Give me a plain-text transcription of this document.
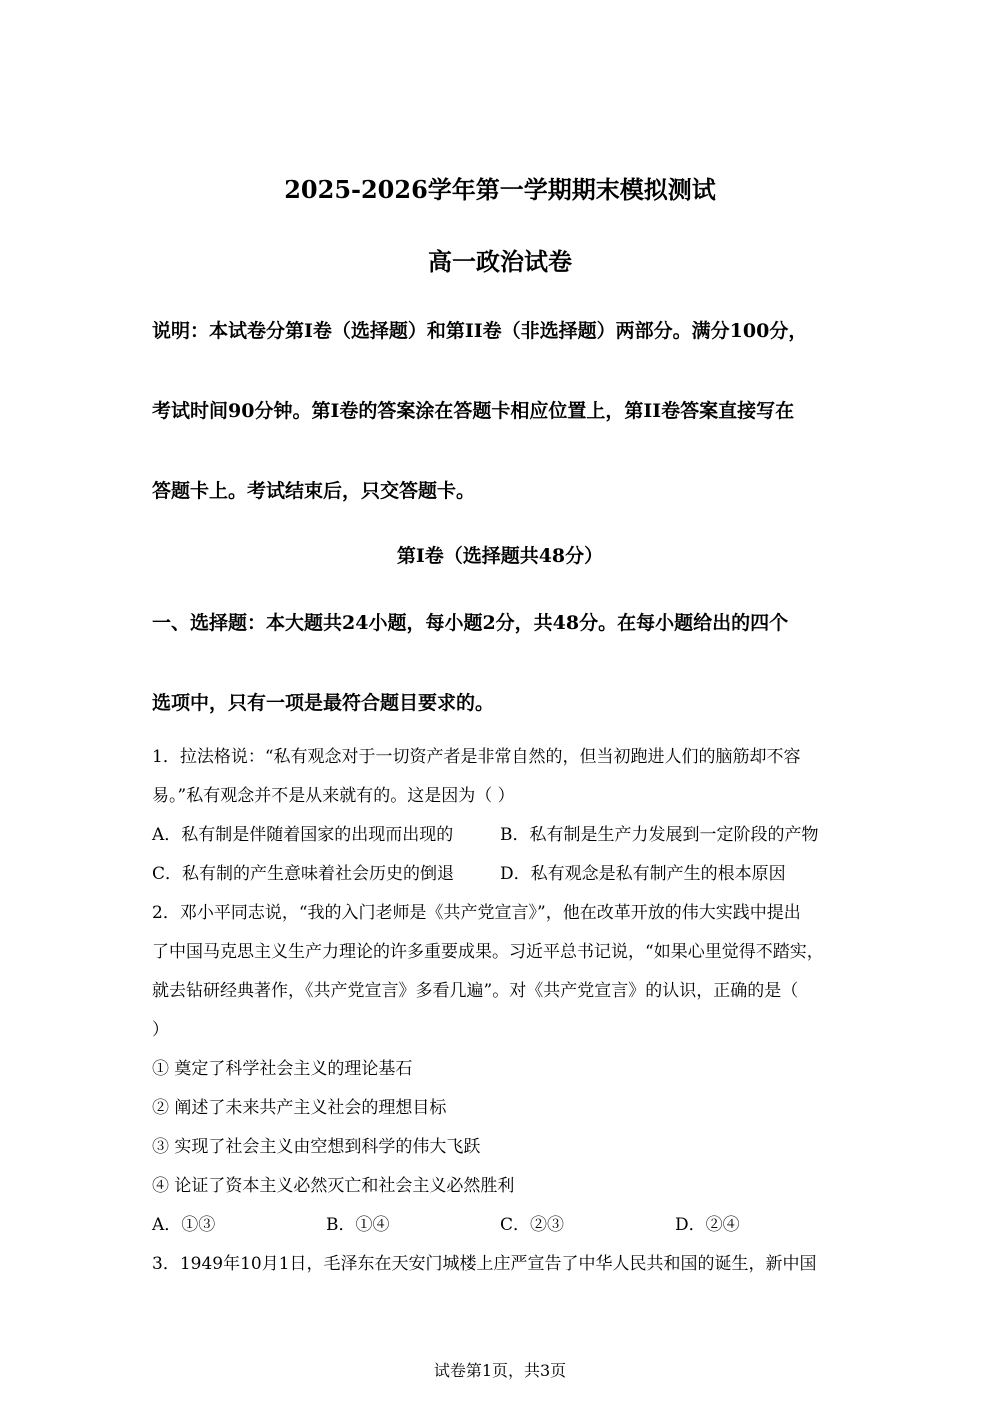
2025-2026学年第一学期期末模拟测试
高一政治试卷
说明：本试卷分第I卷（选择题）和第II卷（非选择题）两部分。满分100分，
考试时间90分钟。第I卷的答案涂在答题卡相应位置上，第II卷答案直接写在
答题卡上。考试结束后，只交答题卡。
第I卷（选择题共48分）
一、选择题：本大题共24小题，每小题2分，共48分。在每小题给出的四个
选项中，只有一项是最符合题目要求的。
1．拉法格说：“私有观念对于一切资产者是非常自然的，但当初跑进人们的脑筋却不容
易。”私有观念并不是从来就有的。这是因为（ ）
A．私有制是伴随着国家的出现而出现的	B．私有制是生产力发展到一定阶段的产物
C．私有制的产生意味着社会历史的倒退	D．私有观念是私有制产生的根本原因
2．邓小平同志说，“我的入门老师是《共产党宣言》”，他在改革开放的伟大实践中提出
了中国马克思主义生产力理论的许多重要成果。习近平总书记说，“如果心里觉得不踏实，
就去钻研经典著作，《共产党宣言》多看几遍”。对《共产党宣言》的认识，正确的是（
）
① 奠定了科学社会主义的理论基石
② 阐述了未来共产主义社会的理想目标
③ 实现了社会主义由空想到科学的伟大飞跃
④ 论证了资本主义必然灭亡和社会主义必然胜利
A．①③	B．①④	C．②③	D．②④
3．1949年10月1日，毛泽东在天安门城楼上庄严宣告了中华人民共和国的诞生，新中国
试卷第1页，共3页
